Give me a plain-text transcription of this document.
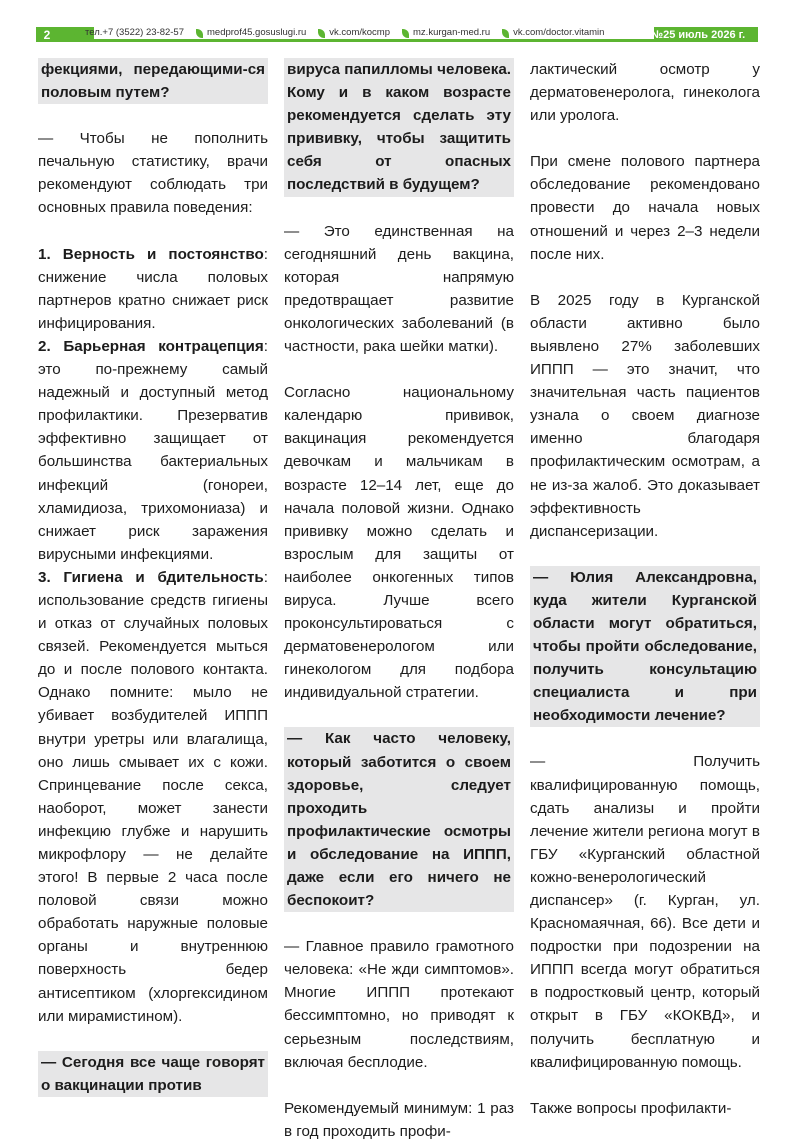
2	тел.+7 (3522) 23-82-57 medprof45.gosuslugi.ru vk.com/kocmp mz.kurgan-med.ru vk.com/doctor.vitamin	№25 июль 2026 г.

фекциями, передающими-ся половым путем?

— Чтобы не пополнить печальную статистику, врачи рекомендуют соблюдать три основных правила поведения:

1. Верность и постоянство: снижение числа половых партнеров кратно снижает риск инфицирования.

2. Барьерная контрацепция: это по-прежнему самый надежный и доступный метод профилактики. Презерватив эффективно защищает от большинства бактериальных инфекций (гонореи, хламидиоза, трихомониаза) и снижает риск заражения вирусными инфекциями.

3. Гигиена и бдительность: использование средств гигиены и отказ от случайных половых связей. Рекомендуется мыться до и после полового контакта. Однако помните: мыло не убивает возбудителей ИППП внутри уретры или влагалища, оно лишь смывает их с кожи. Спринцевание после секса, наоборот, может занести инфекцию глубже и нарушить микрофлору — не делайте этого! В первые 2 часа после половой связи можно обработать наружные половые органы и внутреннюю поверхность бедер антисептиком (хлоргексидином или мирамистином).

— Сегодня все чаще говорят о вакцинации против

вируса папилломы человека. Кому и в каком возрасте рекомендуется сделать эту прививку, чтобы защитить себя от опасных последствий в будущем?

— Это единственная на сегодняшний день вакцина, которая напрямую предотвращает развитие онкологических заболеваний (в частности, рака шейки матки).

Согласно национальному календарю прививок, вакцинация рекомендуется девочкам и мальчикам в возрасте 12–14 лет, еще до начала половой жизни. Однако прививку можно сделать и взрослым для защиты от наиболее онкогенных типов вируса. Лучше всего проконсультироваться с дерматовенерологом или гинекологом для подбора индивидуальной стратегии.

— Как часто человеку, который заботится о своем здоровье, следует проходить профилактические осмотры и обследование на ИППП, даже если его ничего не беспокоит?

— Главное правило грамотного человека: «Не жди симптомов». Многие ИППП протекают бессимптомно, но приводят к серьезным последствиям, включая бесплодие.

Рекомендуемый минимум: 1 раз в год проходить профи-

лактический осмотр у дерматовенеролога, гинеколога или уролога.

При смене полового партнера обследование рекомендовано провести до начала новых отношений и через 2–3 недели после них.

В 2025 году в Курганской области активно было выявлено 27% заболевших ИППП — это значит, что значительная часть пациентов узнала о своем диагнозе именно благодаря профилактическим осмотрам, а не из-за жалоб. Это доказывает эффективность диспансеризации.

— Юлия Александровна, куда жители Курганской области могут обратиться, чтобы пройти обследование, получить консультацию специалиста и при необходимости лечение?

— Получить квалифицированную помощь, сдать анализы и пройти лечение жители региона могут в ГБУ «Курганский областной кожно-венерологический диспансер» (г. Курган, ул. Красномаячная, 66). Все дети и подростки при подозрении на ИППП всегда могут обратиться в подростковый центр, который открыт в ГБУ «КОКВД», и получить бесплатную и квалифицированную помощь.

Также вопросы профилакти-
